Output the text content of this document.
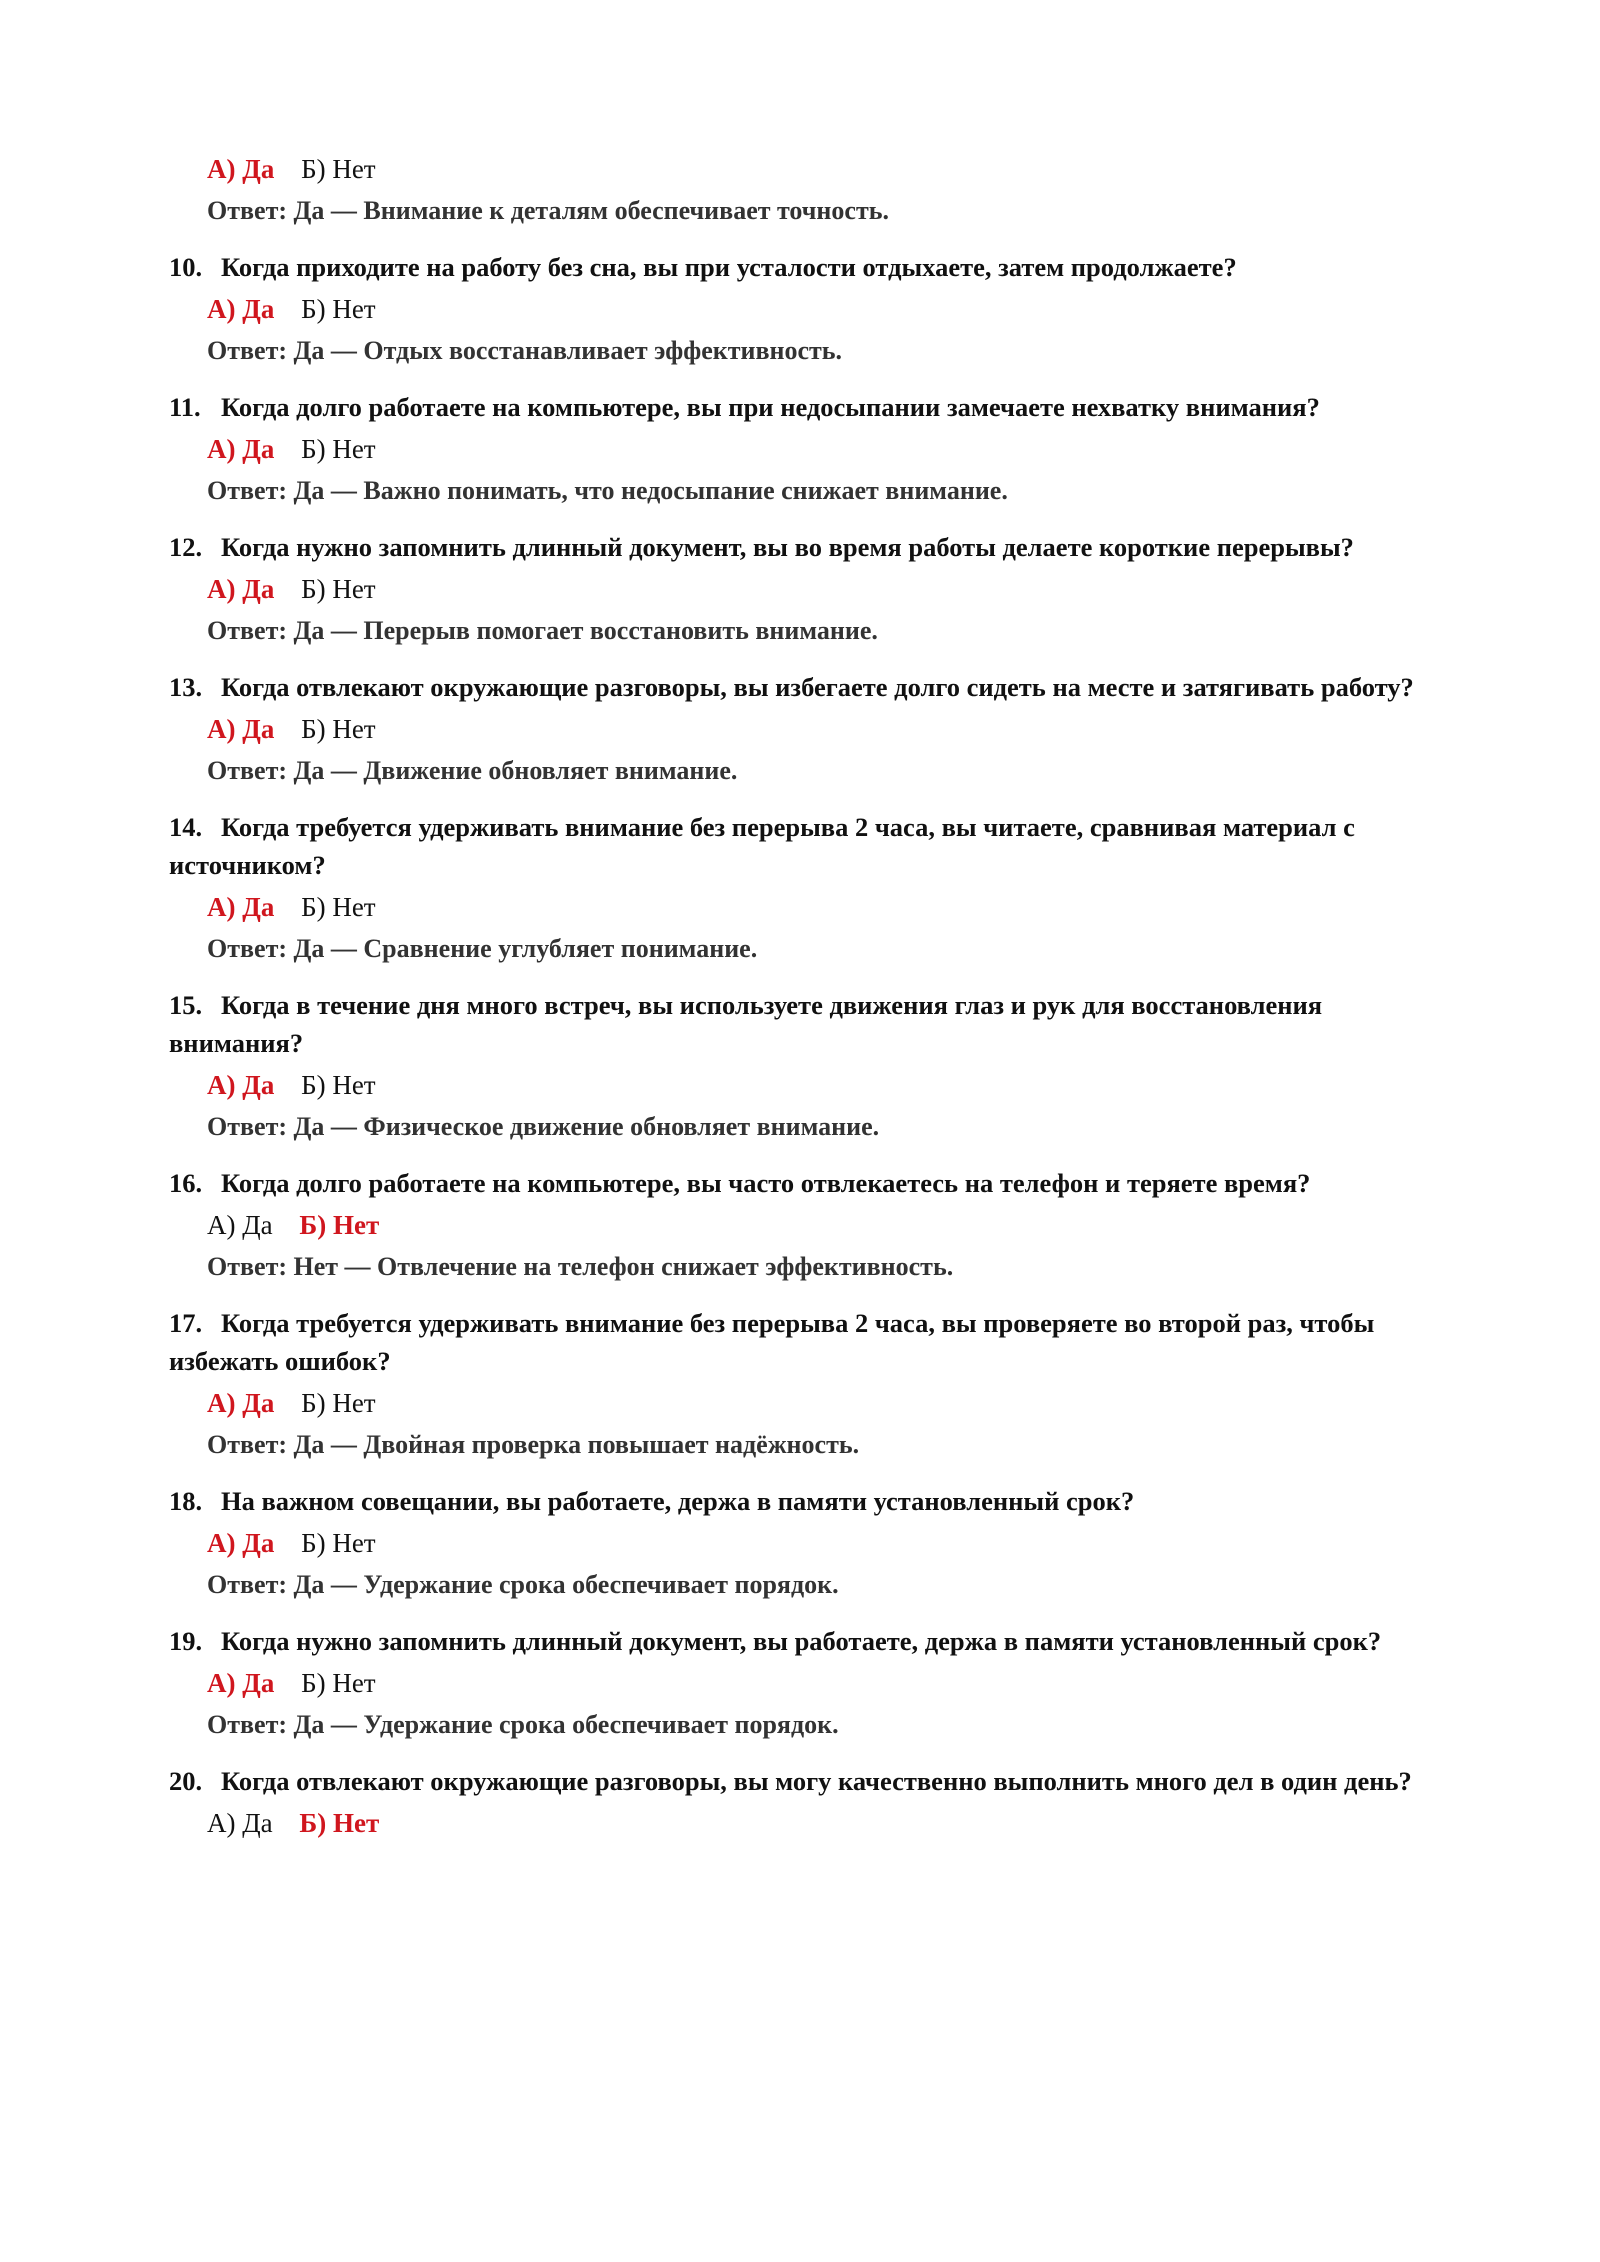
А) Да Б) Нет
Ответ: Да — Внимание к деталям обеспечивает точность.
10. Когда приходите на работу без сна, вы при усталости отдыхаете, затем продолжаете?
А) Да Б) Нет
Ответ: Да — Отдых восстанавливает эффективность.
11. Когда долго работаете на компьютере, вы при недосыпании замечаете нехватку внимания?
А) Да Б) Нет
Ответ: Да — Важно понимать, что недосыпание снижает внимание.
12. Когда нужно запомнить длинный документ, вы во время работы делаете короткие перерывы?
А) Да Б) Нет
Ответ: Да — Перерыв помогает восстановить внимание.
13. Когда отвлекают окружающие разговоры, вы избегаете долго сидеть на месте и затягивать работу?
А) Да Б) Нет
Ответ: Да — Движение обновляет внимание.
14. Когда требуется удерживать внимание без перерыва 2 часа, вы читаете, сравнивая материал с источником?
А) Да Б) Нет
Ответ: Да — Сравнение углубляет понимание.
15. Когда в течение дня много встреч, вы используете движения глаз и рук для восстановления внимания?
А) Да Б) Нет
Ответ: Да — Физическое движение обновляет внимание.
16. Когда долго работаете на компьютере, вы часто отвлекаетесь на телефон и теряете время?
А) Да Б) Нет
Ответ: Нет — Отвлечение на телефон снижает эффективность.
17. Когда требуется удерживать внимание без перерыва 2 часа, вы проверяете во второй раз, чтобы избежать ошибок?
А) Да Б) Нет
Ответ: Да — Двойная проверка повышает надёжность.
18. На важном совещании, вы работаете, держа в памяти установленный срок?
А) Да Б) Нет
Ответ: Да — Удержание срока обеспечивает порядок.
19. Когда нужно запомнить длинный документ, вы работаете, держа в памяти установленный срок?
А) Да Б) Нет
Ответ: Да — Удержание срока обеспечивает порядок.
20. Когда отвлекают окружающие разговоры, вы могу качественно выполнить много дел в один день?
А) Да Б) Нет
